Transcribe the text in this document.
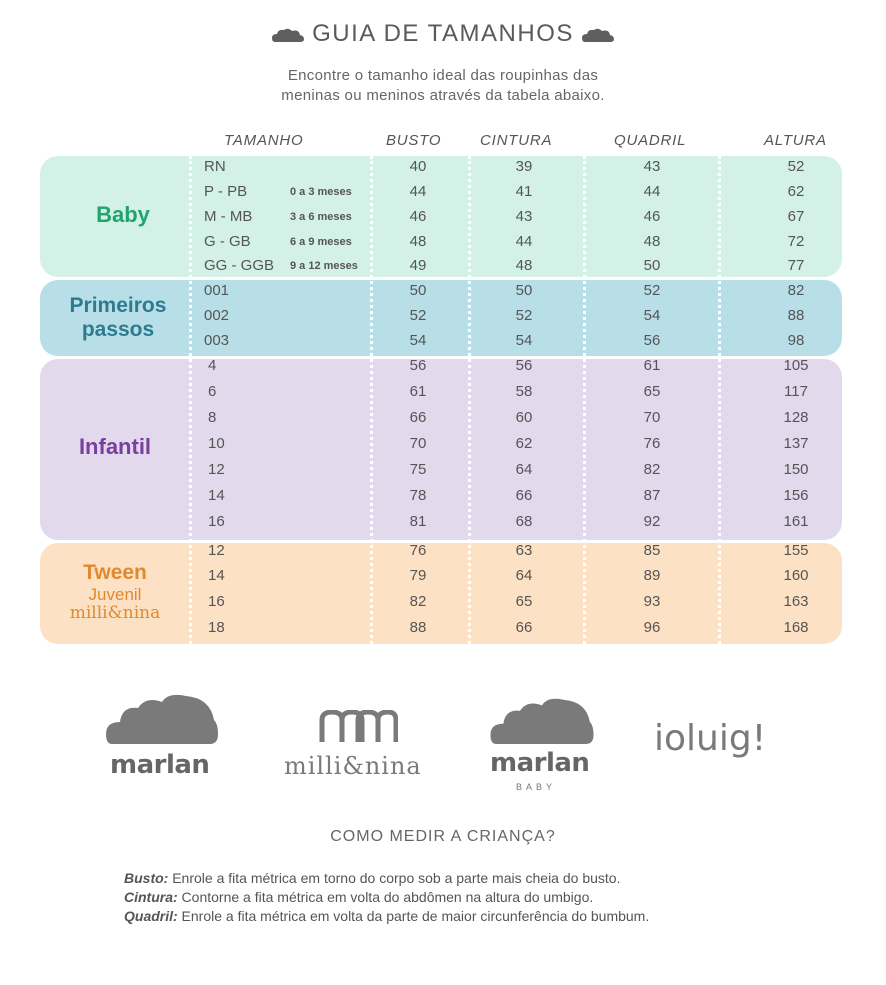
GUIA DE TAMANHOS
Encontre o tamanho ideal das roupinhas das
meninas ou meninos através da tabela abaixo.
TAMANHO	BUSTO	CINTURA	QUADRIL	ALTURA
Baby
Primeiros
passos
Infantil
Tween
Juvenil
milli&nina
RN	40	39	43	52
P - PB	0 a 3 meses	44	41	44	62
M - MB	3 a 6 meses	46	43	46	67
G - GB	6 a 9 meses	48	44	48	72
GG - GGB 9 a 12 meses	49	48	50	77
001	50	50	52	82
002	52	52	54	88
003	54	54	56	98
4	56	56	61	105
6	61	58	65	117
8	66	60	70	128
10	70	62	76	137
12	75	64	82	150
14	78	66	87	156
16	81	68	92	161
12	76	63	85	155
14	79	64	89	160
16	82	65	93	163
18	88	66	96	168
marlan	milli&nina	marlan
BABY
ioluig!
COMO MEDIR A CRIANÇA?
Busto: Enrole a fita métrica em torno do corpo sob a parte mais cheia do busto.
Cintura: Contorne a fita métrica em volta do abdômen na altura do umbigo.
Quadril: Enrole a fita métrica em volta da parte de maior circunferência do bumbum.
